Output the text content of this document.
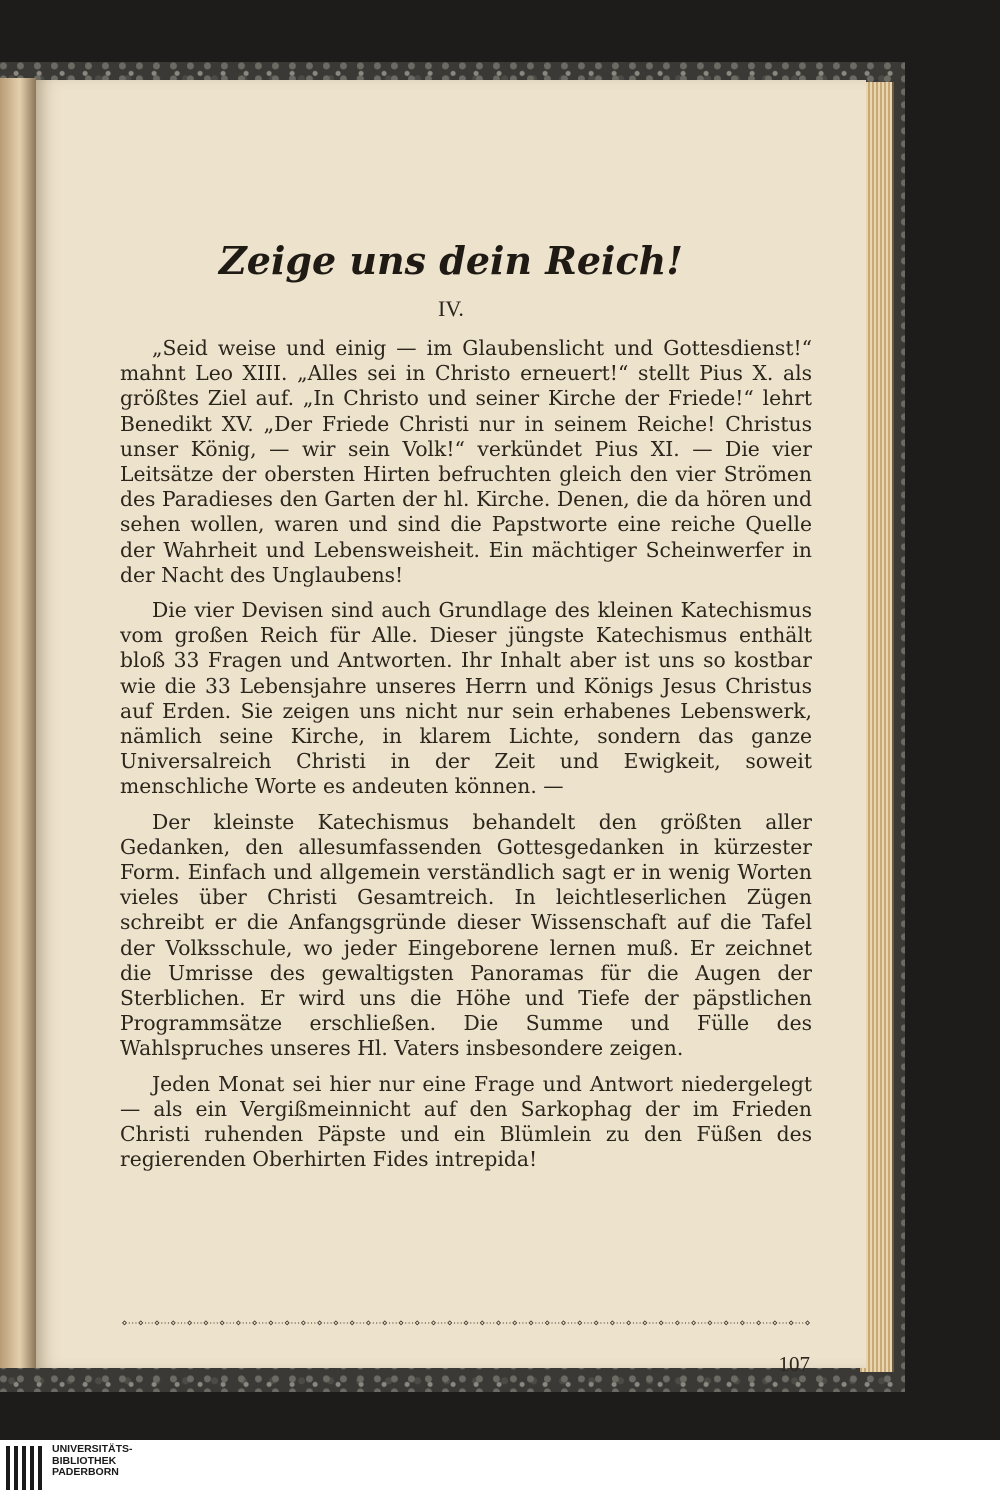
Zeige uns dein Reich!
IV.

„Seid weise und einig — im Glaubenslicht und Gottesdienst!“ mahnt Leo XIII. „Alles sei in Christo erneuert!“ stellt Pius X. als größtes Ziel auf. „In Christo und seiner Kirche der Friede!“ lehrt Benedikt XV. „Der Friede Christi nur in seinem Reiche! Christus unser König, — wir sein Volk!“ verkündet Pius XI. — Die vier Leitsätze der obersten Hirten befruchten gleich den vier Strömen des Paradieses den Garten der hl. Kirche. Denen, die da hören und sehen wollen, waren und sind die Papstworte eine reiche Quelle der Wahrheit und Lebensweisheit. Ein mächtiger Scheinwerfer in der Nacht des Unglaubens!

Die vier Devisen sind auch Grundlage des kleinen Katechismus vom großen Reich für Alle. Dieser jüngste Katechismus enthält bloß 33 Fragen und Antworten. Ihr Inhalt aber ist uns so kostbar wie die 33 Lebensjahre unseres Herrn und Königs Jesus Christus auf Erden. Sie zeigen uns nicht nur sein erhabenes Lebenswerk, nämlich seine Kirche, in klarem Lichte, sondern das ganze Universalreich Christi in der Zeit und Ewigkeit, soweit menschliche Worte es andeuten können. —

Der kleinste Katechismus behandelt den größten aller Gedanken, den allesumfassenden Gottesgedanken in kürzester Form. Einfach und allgemein verständlich sagt er in wenig Worten vieles über Christi Gesamtreich. In leichtleserlichen Zügen schreibt er die Anfangsgründe dieser Wissenschaft auf die Tafel der Volksschule, wo jeder Eingeborene lernen muß. Er zeichnet die Umrisse des gewaltigsten Panoramas für die Augen der Sterblichen. Er wird uns die Höhe und Tiefe der päpstlichen Programmsätze erschließen. Die Summe und Fülle des Wahlspruches unseres Hl. Vaters insbesondere zeigen.

Jeden Monat sei hier nur eine Frage und Antwort niedergelegt — als ein Vergißmeinnicht auf den Sarkophag der im Frieden Christi ruhenden Päpste und ein Blümlein zu den Füßen des regierenden Oberhirten Fides intrepida!

⋄⋯⋄⋯⋄⋯⋄⋯⋄⋯⋄⋯⋄⋯⋄⋯⋄⋯⋄⋯⋄⋯⋄⋯⋄⋯⋄⋯⋄⋯⋄⋯⋄⋯⋄⋯⋄⋯⋄⋯⋄⋯⋄⋯⋄⋯⋄⋯⋄⋯⋄⋯⋄⋯⋄⋯⋄⋯⋄⋯⋄⋯⋄⋯⋄⋯⋄⋯⋄⋯⋄⋯⋄⋯⋄⋯⋄⋯⋄⋯⋄⋯⋄⋯⋄
107
UNIVERSITÄTS-
BIBLIOTHEK
PADERBORN
